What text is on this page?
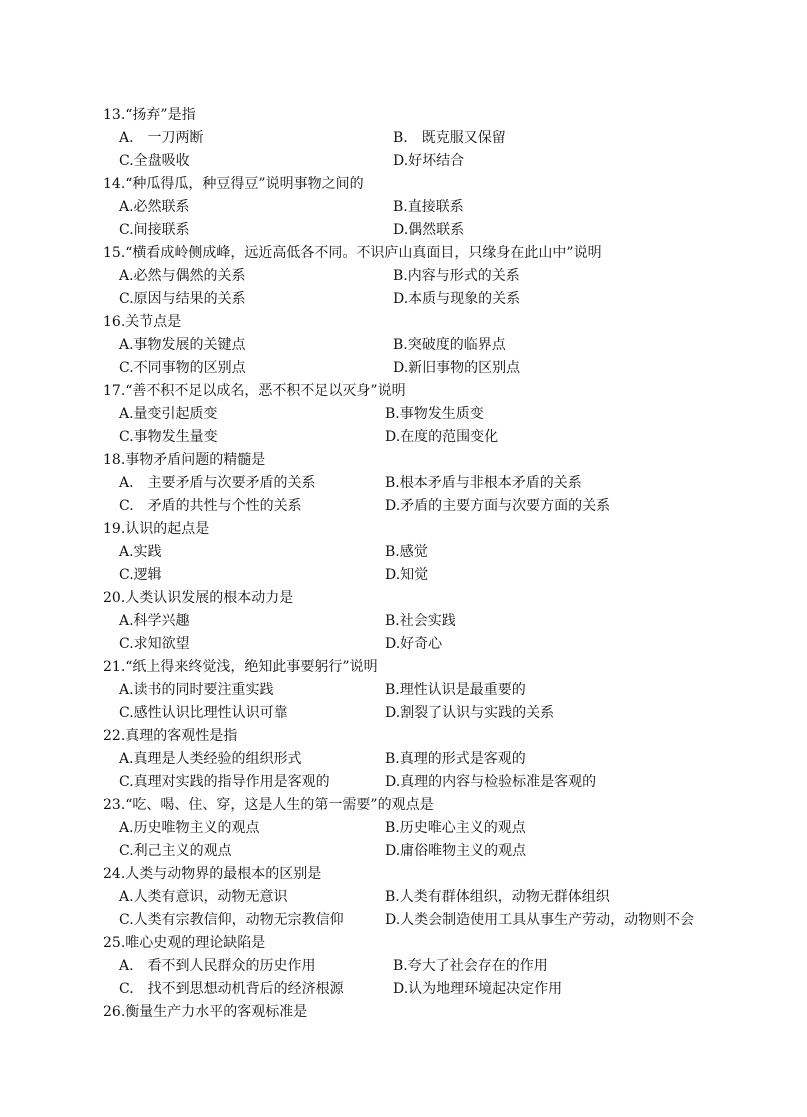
13.“扬弃”是指
A.　一刀两断	B.　既克服又保留
C.全盘吸收	D.好坏结合
14.“种瓜得瓜，种豆得豆”说明事物之间的
A.必然联系	B.直接联系
C.间接联系	D.偶然联系
15.“横看成岭侧成峰，远近高低各不同。不识庐山真面目，只缘身在此山中”说明
A.必然与偶然的关系	B.内容与形式的关系
C.原因与结果的关系	D.本质与现象的关系
16.关节点是
A.事物发展的关键点	B.突破度的临界点
C.不同事物的区别点	D.新旧事物的区别点
17.“善不积不足以成名，恶不积不足以灭身”说明
A.量变引起质变	B.事物发生质变
C.事物发生量变	D.在度的范围变化
18.事物矛盾问题的精髓是
A.　主要矛盾与次要矛盾的关系	B.根本矛盾与非根本矛盾的关系
C.　矛盾的共性与个性的关系	D.矛盾的主要方面与次要方面的关系
19.认识的起点是
A.实践	B.感觉
C.逻辑	D.知觉
20.人类认识发展的根本动力是
A.科学兴趣	B.社会实践
C.求知欲望	D.好奇心
21.“纸上得来终觉浅，绝知此事要躬行”说明
A.读书的同时要注重实践	B.理性认识是最重要的
C.感性认识比理性认识可靠	D.割裂了认识与实践的关系
22.真理的客观性是指
A.真理是人类经验的组织形式	B.真理的形式是客观的
C.真理对实践的指导作用是客观的	D.真理的内容与检验标准是客观的
23.“吃、喝、住、穿，这是人生的第一需要”的观点是
A.历史唯物主义的观点	B.历史唯心主义的观点
C.利己主义的观点	D.庸俗唯物主义的观点
24.人类与动物界的最根本的区别是
A.人类有意识，动物无意识	B.人类有群体组织，动物无群体组织
C.人类有宗教信仰，动物无宗教信仰	D.人类会制造使用工具从事生产劳动，动物则不会
25.唯心史观的理论缺陷是
A.　看不到人民群众的历史作用	B.夸大了社会存在的作用
C.　找不到思想动机背后的经济根源	D.认为地理环境起决定作用
26.衡量生产力水平的客观标准是
